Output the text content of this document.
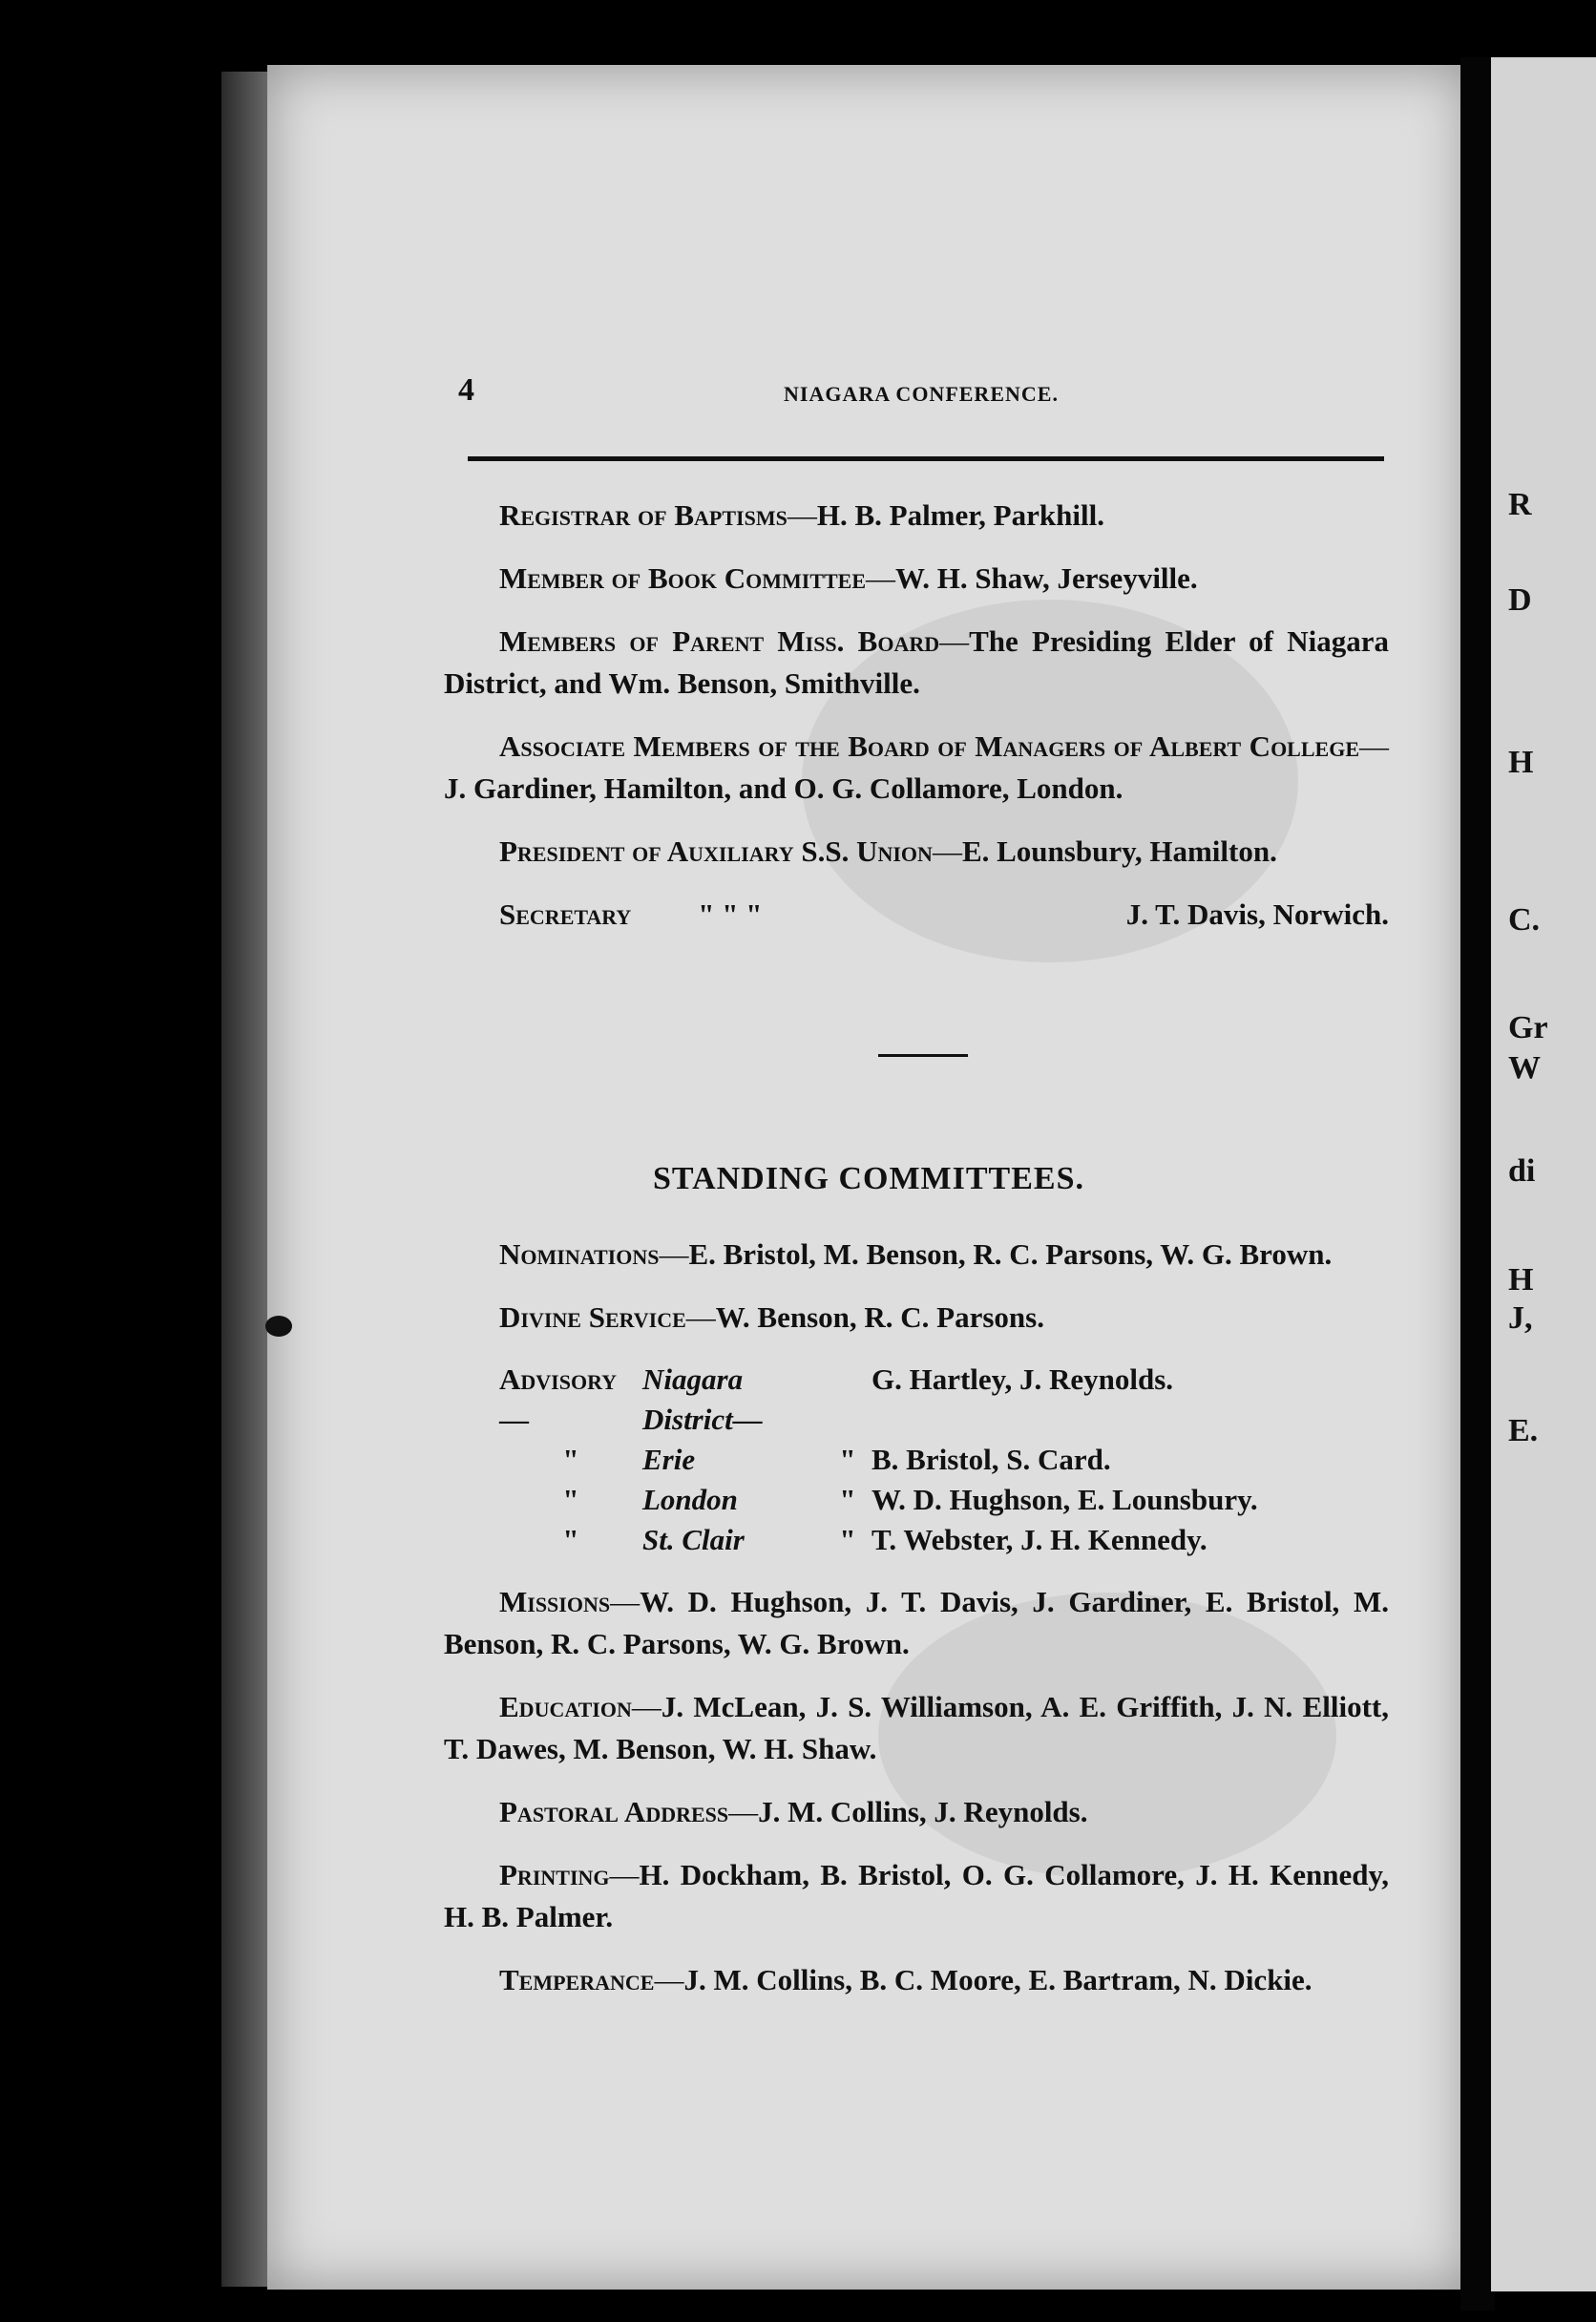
4	NIAGARA CONFERENCE.

Registrar of Baptisms—H. B. Palmer, Parkhill.

Member of Book Committee—W. H. Shaw, Jerseyville.

Members of Parent Miss. Board—The Presiding Elder of Niagara District, and Wm. Benson, Smithville.

Associate Members of the Board of Managers of Albert College—J. Gardiner, Hamilton, and O. G. Collamore, London.

President of Auxiliary S.S. Union—E. Lounsbury, Hamilton.

Secretary " " "	J. T. Davis, Norwich.

STANDING COMMITTEES.

Nominations—E. Bristol, M. Benson, R. C. Parsons, W. G. Brown.

Divine Service—W. Benson, R. C. Parsons.

Advisory—	Niagara District—		G. Hartley, J. Reynolds.
"	Erie	"	B. Bristol, S. Card.
"	London	"	W. D. Hughson, E. Lounsbury.
"	St. Clair	"	T. Webster, J. H. Kennedy.

Missions—W. D. Hughson, J. T. Davis, J. Gardiner, E. Bristol, M. Benson, R. C. Parsons, W. G. Brown.

Education—J. McLean, J. S. Williamson, A. E. Griffith, J. N. Elliott, T. Dawes, M. Benson, W. H. Shaw.

Pastoral Address—J. M. Collins, J. Reynolds.

Printing—H. Dockham, B. Bristol, O. G. Collamore, J. H. Kennedy, H. B. Palmer.

Temperance—J. M. Collins, B. C. Moore, E. Bartram, N. Dickie.

R
D
H
C.
Gr
W
di
H
J,
E.
